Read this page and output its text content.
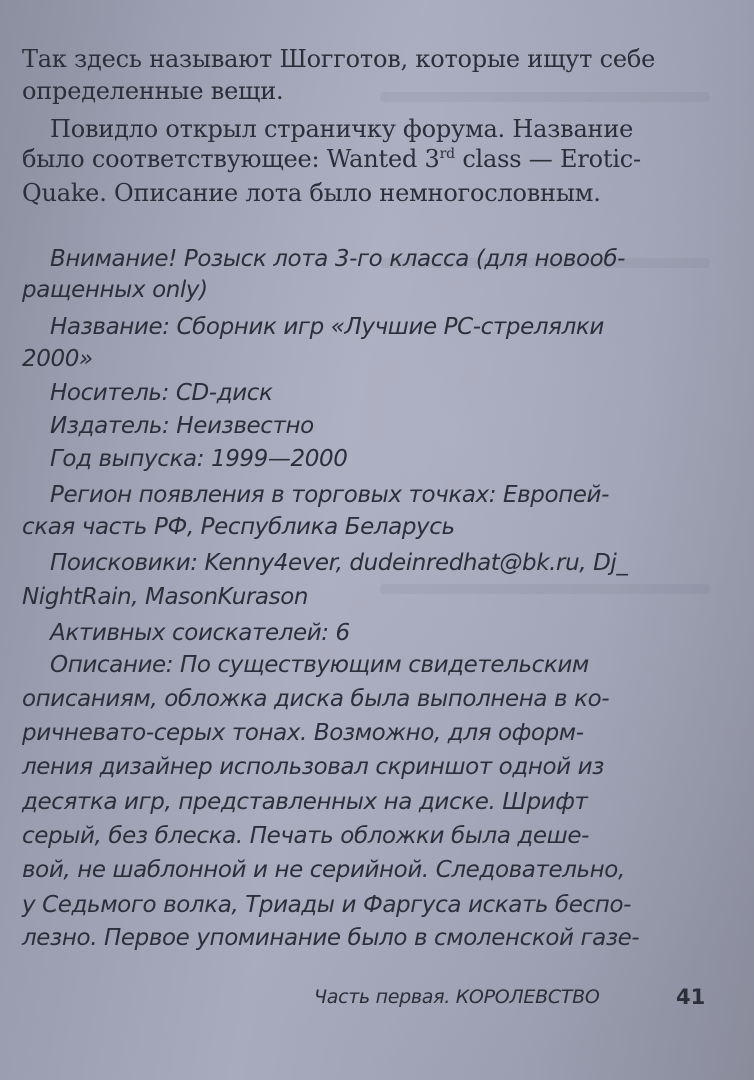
Так здесь называют Шогготов, которые ищут себе
определенные вещи.
Повидло открыл страничку форума. Название
было соответствующее: Wanted 3rd class — Erotic-
Quake. Описание лота было немногословным.
Внимание! Розыск лота 3-го класса (для новооб-
ращенных only)
Название: Сборник игр «Лучшие PC-стрелялки
2000»
Носитель: CD-диск
Издатель: Неизвестно
Год выпуска: 1999—2000
Регион появления в торговых точках: Европей-
ская часть РФ, Республика Беларусь
Поисковики: Kenny4ever, dudeinredhat@bk.ru, Dj_
NightRain, MasonKurason
Активных соискателей: 6
Описание: По существующим свидетельским
описаниям, обложка диска была выполнена в ко-
ричневато-серых тонах. Возможно, для оформ-
ления дизайнер использовал скриншот одной из
десятка игр, представленных на диске. Шрифт
серый, без блеска. Печать обложки была деше-
вой, не шаблонной и не серийной. Следовательно,
у Седьмого волка, Триады и Фаргуса искать беспо-
лезно. Первое упоминание было в смоленской газе-
Часть первая. КОРОЛЕВСТВО	41
